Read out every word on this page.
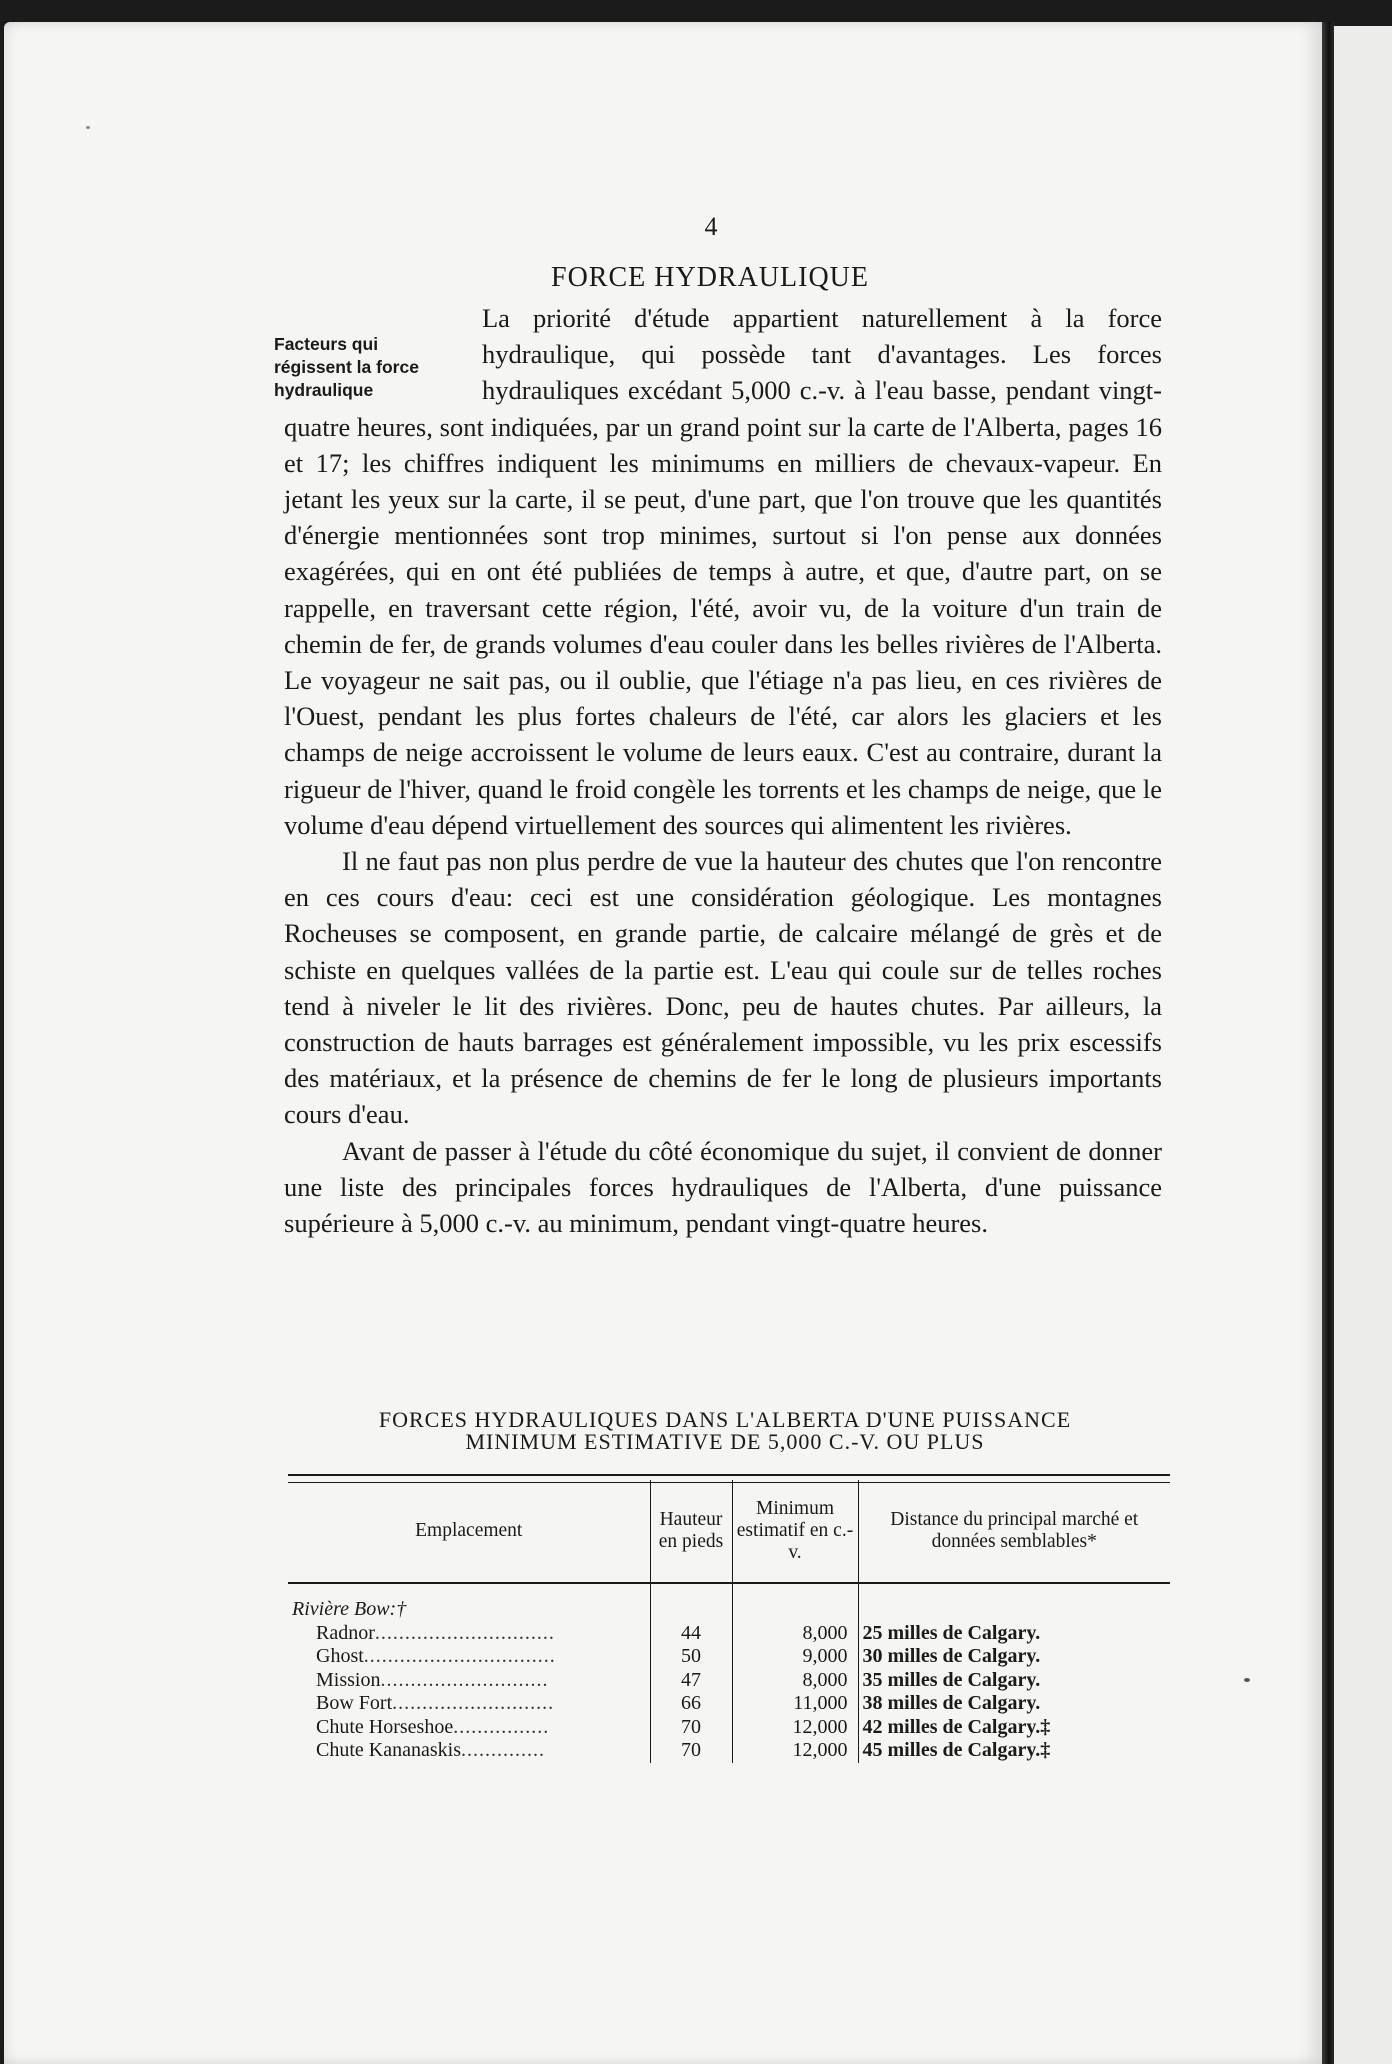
4
FORCE HYDRAULIQUE
Facteurs qui
régissent la force
hydraulique

La priorité d'étude appartient naturellement à la force hydraulique, qui possède tant d'avantages. Les forces hydrauliques excédant 5,000 c.-v. à l'eau basse, pendant vingt-quatre heures, sont indiquées, par un grand point sur la carte de l'Alberta, pages 16 et 17; les chiffres indiquent les minimums en milliers de chevaux-vapeur. En jetant les yeux sur la carte, il se peut, d'une part, que l'on trouve que les quantités d'énergie mentionnées sont trop minimes, surtout si l'on pense aux données exagérées, qui en ont été publiées de temps à autre, et que, d'autre part, on se rappelle, en traversant cette région, l'été, avoir vu, de la voiture d'un train de chemin de fer, de grands volumes d'eau couler dans les belles rivières de l'Alberta. Le voyageur ne sait pas, ou il oublie, que l'étiage n'a pas lieu, en ces rivières de l'Ouest, pendant les plus fortes chaleurs de l'été, car alors les glaciers et les champs de neige accroissent le volume de leurs eaux. C'est au contraire, durant la rigueur de l'hiver, quand le froid congèle les torrents et les champs de neige, que le volume d'eau dépend virtuellement des sources qui alimentent les rivières.

Il ne faut pas non plus perdre de vue la hauteur des chutes que l'on rencontre en ces cours d'eau: ceci est une considération géologique. Les montagnes Rocheuses se composent, en grande partie, de calcaire mélangé de grès et de schiste en quelques vallées de la partie est. L'eau qui coule sur de telles roches tend à niveler le lit des rivières. Donc, peu de hautes chutes. Par ailleurs, la construction de hauts barrages est généralement impossible, vu les prix escessifs des matériaux, et la présence de chemins de fer le long de plusieurs importants cours d'eau.

Avant de passer à l'étude du côté économique du sujet, il convient de donner une liste des principales forces hydrauliques de l'Alberta, d'une puissance supérieure à 5,000 c.-v. au minimum, pendant vingt-quatre heures.

FORCES HYDRAULIQUES DANS L'ALBERTA D'UNE PUISSANCE
MINIMUM ESTIMATIVE DE 5,000 C.-V. OU PLUS
Emplacement	Hauteur en pieds	Minimum estimatif en c.-v.	Distance du principal marché et données semblables*
Rivière Bow:†			
Radnor..............................	44	8,000	25 milles de Calgary.
Ghost................................	50	9,000	30 milles de Calgary.
Mission............................	47	8,000	35 milles de Calgary.
Bow Fort...........................	66	11,000	38 milles de Calgary.
Chute Horseshoe................	70	12,000	42 milles de Calgary.‡
Chute Kananaskis..............	70	12,000	45 milles de Calgary.‡
